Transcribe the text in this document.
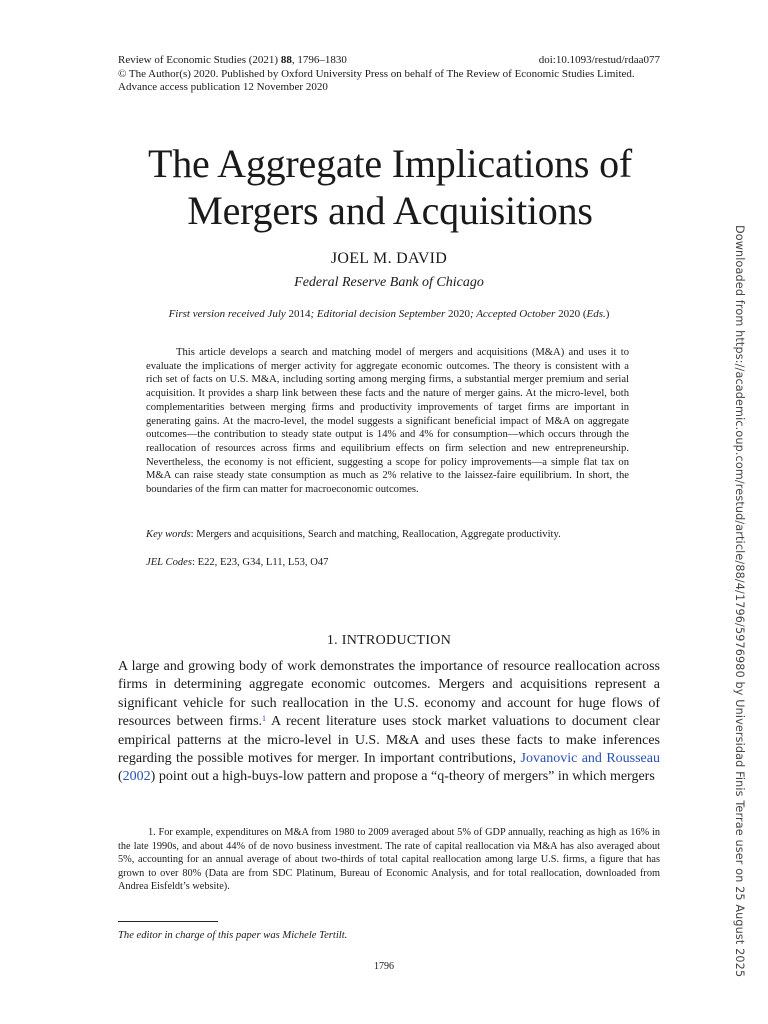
Review of Economic Studies (2021) 88, 1796–1830	doi:10.1093/restud/rdaa077
© The Author(s) 2020. Published by Oxford University Press on behalf of The Review of Economic Studies Limited.
Advance access publication 12 November 2020
The Aggregate Implications of
Mergers and Acquisitions
JOEL M. DAVID
Federal Reserve Bank of Chicago
First version received July 2014; Editorial decision September 2020; Accepted October 2020 (Eds.)
This article develops a search and matching model of mergers and acquisitions (M&A) and uses it to evaluate the implications of merger activity for aggregate economic outcomes. The theory is consistent with a rich set of facts on U.S. M&A, including sorting among merging firms, a substantial merger premium and serial acquisition. It provides a sharp link between these facts and the nature of merger gains. At the micro-level, both complementarities between merging firms and productivity improvements of target firms are important in generating gains. At the macro-level, the model suggests a significant beneficial impact of M&A on aggregate outcomes—the contribution to steady state output is 14% and 4% for consumption—which occurs through the reallocation of resources across firms and equilibrium effects on firm selection and new entrepreneurship. Nevertheless, the economy is not efficient, suggesting a scope for policy improvements—a simple flat tax on M&A can raise steady state consumption as much as 2% relative to the laissez-faire equilibrium. In short, the boundaries of the firm can matter for macroeconomic outcomes.
Key words: Mergers and acquisitions, Search and matching, Reallocation, Aggregate productivity.
JEL Codes: E22, E23, G34, L11, L53, O47
1. INTRODUCTION

A large and growing body of work demonstrates the importance of resource reallocation across firms in determining aggregate economic outcomes. Mergers and acquisitions represent a significant vehicle for such reallocation in the U.S. economy and account for huge flows of resources between firms.$^1$ A recent literature uses stock market valuations to document clear empirical patterns at the micro-level in U.S. M&A and uses these facts to make inferences regarding the possible motives for merger. In important contributions, Jovanovic and Rousseau (2002) point out a high-buys-low pattern and propose a “q-theory of mergers” in which mergers

1. For example, expenditures on M&A from 1980 to 2009 averaged about 5% of GDP annually, reaching as high as 16% in the late 1990s, and about 44% of de novo business investment. The rate of capital reallocation via M&A has also averaged about 5%, accounting for an annual average of about two-thirds of total capital reallocation among large U.S. firms, a figure that has grown to over 80% (Data are from SDC Platinum, Bureau of Economic Analysis, and for total reallocation, downloaded from Andrea Eisfeldt’s website).

The editor in charge of this paper was Michele Tertilt.
1796	Downloaded from https://academic.oup.com/restud/article/88/4/1796/5976980 by Universidad Finis Terrae user on 25 August 2025
